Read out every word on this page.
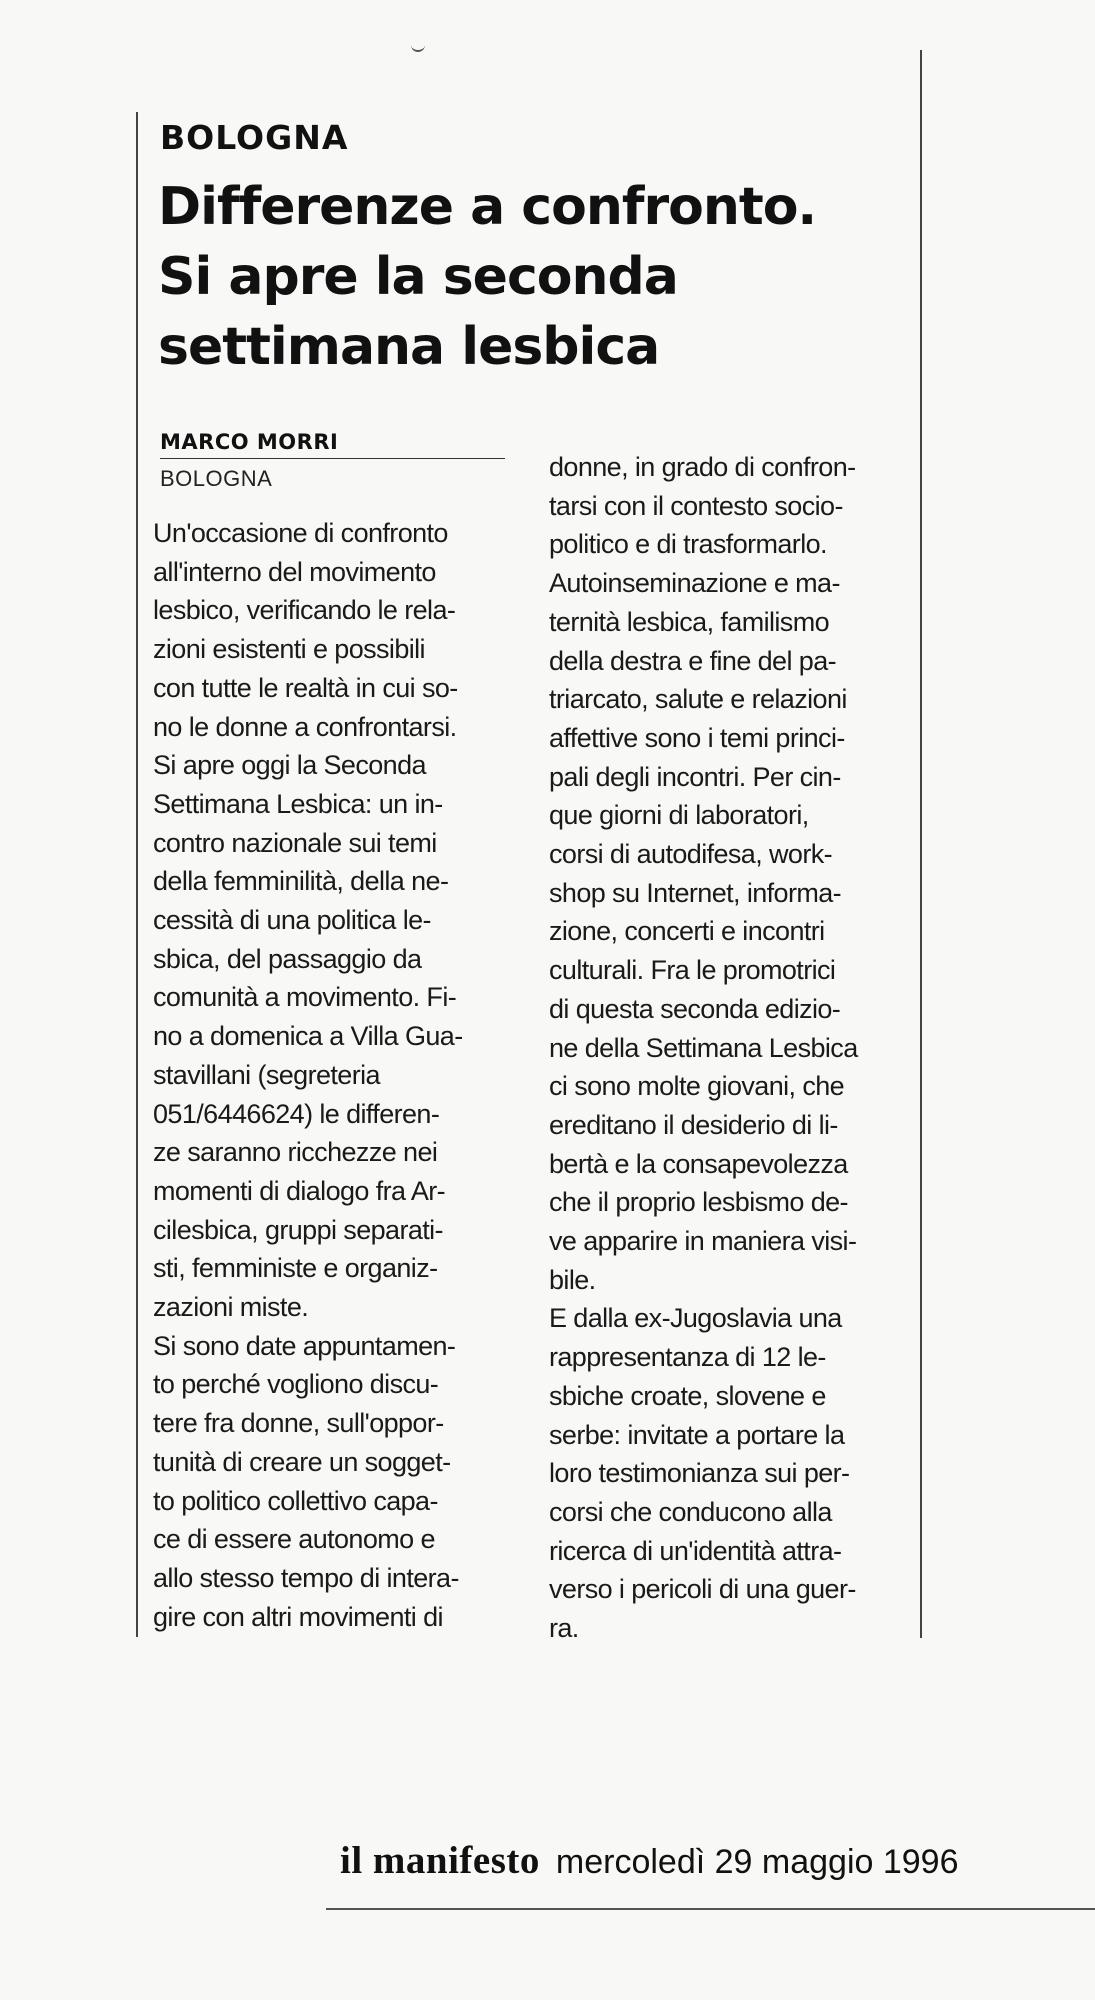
BOLOGNA
Differenze a confronto.
Si apre la seconda
settimana lesbica
MARCO MORRI
BOLOGNA
Un'occasione di confronto
all'interno del movimento
lesbico, verificando le rela-
zioni esistenti e possibili
con tutte le realtà in cui so-
no le donne a confrontarsi.
Si apre oggi la Seconda
Settimana Lesbica: un in-
contro nazionale sui temi
della femminilità, della ne-
cessità di una politica le-
sbica, del passaggio da
comunità a movimento. Fi-
no a domenica a Villa Gua-
stavillani (segreteria
051/6446624) le differen-
ze saranno ricchezze nei
momenti di dialogo fra Ar-
cilesbica, gruppi separati-
sti, femministe e organiz-
zazioni miste.
Si sono date appuntamen-
to perché vogliono discu-
tere fra donne, sull'oppor-
tunità di creare un sogget-
to politico collettivo capa-
ce di essere autonomo e
allo stesso tempo di intera-
gire con altri movimenti di
donne, in grado di confron-
tarsi con il contesto socio-
politico e di trasformarlo.
Autoinseminazione e ma-
ternità lesbica, familismo
della destra e fine del pa-
triarcato, salute e relazioni
affettive sono i temi princi-
pali degli incontri. Per cin-
que giorni di laboratori,
corsi di autodifesa, work-
shop su Internet, informa-
zione, concerti e incontri
culturali. Fra le promotrici
di questa seconda edizio-
ne della Settimana Lesbica
ci sono molte giovani, che
ereditano il desiderio di li-
bertà e la consapevolezza
che il proprio lesbismo de-
ve apparire in maniera visi-
bile.
E dalla ex-Jugoslavia una
rappresentanza di 12 le-
sbiche croate, slovene e
serbe: invitate a portare la
loro testimonianza sui per-
corsi che conducono alla
ricerca di un'identità attra-
verso i pericoli di una guer-
ra.
il manifesto mercoledì 29 maggio 1996
